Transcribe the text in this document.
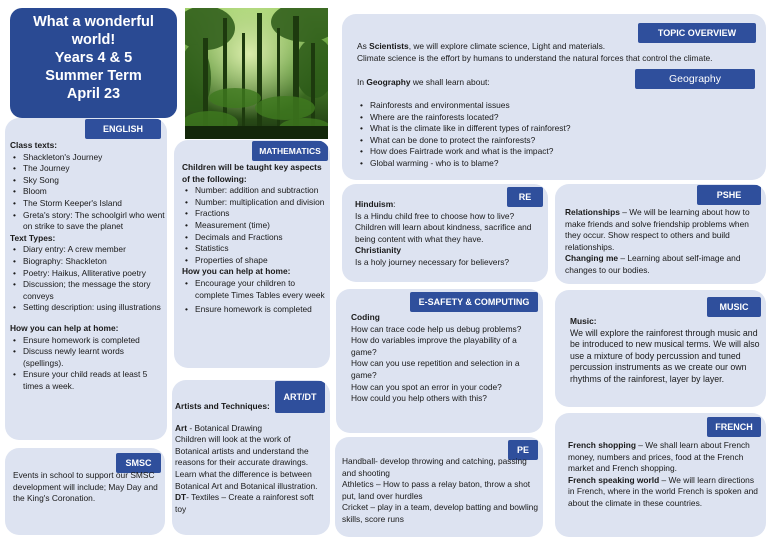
What a wonderful
world!
Years 4 & 5
Summer Term
April 23
TOPIC OVERVIEW
As Scientists, we will explore climate science, Light and materials.
Climate science is the effort by humans to understand the natural forces that control the climate.
Geography
In Geography we shall learn about:
• Rainforests and environmental issues
• Where are the rainforests located?
• What is the climate like in different types of rainforest?
• What can be done to protect the rainforests?
• How does Fairtrade work and what is the impact?
• Global warming - who is to blame?
ENGLISH
Class texts:
• Shackleton's Journey
• The Journey
• Sky Song
• Bloom
• The Storm Keeper's Island
• Greta's story: The schoolgirl who went on strike to save the planet
Text Types:
• Diary entry: A crew member
• Biography: Shackleton
• Poetry: Haikus, Alliterative poetry
• Discussion; the message the story conveys
• Setting description: using illustrations
How you can help at home:
• Ensure homework is completed
• Discuss newly learnt words (spellings).
• Ensure your child reads at least 5 times a week.
SMSC
Events in school to support our SMSC development will include; May Day and the King's Coronation.
MATHEMATICS
Children will be taught key aspects of the following:
• Number: addition and subtraction
• Number: multiplication and division
• Fractions
• Measurement (time)
• Decimals and Fractions
• Statistics
• Properties of shape
How you can help at home:
• Encourage your children to complete Times Tables every week
• Ensure homework is completed
ART/DT
Artists and Techniques:
Art - Botanical Drawing
Children will look at the work of Botanical artists and understand the reasons for their accurate drawings. Learn what the difference is between Botanical Art and Botanical illustration.
DT- Textiles – Create a rainforest soft toy
RE
Hinduism:
Is a Hindu child free to choose how to live? Children will learn about kindness, sacrifice and being content with what they have.
Christianity
Is a holy journey necessary for believers?
E-SAFETY & COMPUTING
Coding
How can trace code help us debug problems?
How do variables improve the playability of a game?
How can you use repetition and selection in a game?
How can you spot an error in your code?
How could you help others with this?
PE
Handball- develop throwing and catching, passing and shooting
Athletics – How to pass a relay baton, throw a shot put, land over hurdles
Cricket – play in a team, develop batting and bowling skills, score runs
PSHE
Relationships – We will be learning about how to make friends and solve friendship problems when they occur. Show respect to others and build relationships.
Changing me – Learning about self-image and changes to our bodies.
MUSIC
Music:
We will explore the rainforest through music and be introduced to new musical terms. We will also use a mixture of body percussion and tuned percussion instruments as we create our own rhythms of the rainforest, layer by layer.
FRENCH
French shopping – We shall learn about French money, numbers and prices, food at the French market and French shopping.
French speaking world – We will learn directions in French, where in the world French is spoken and about the climate in these countries.
